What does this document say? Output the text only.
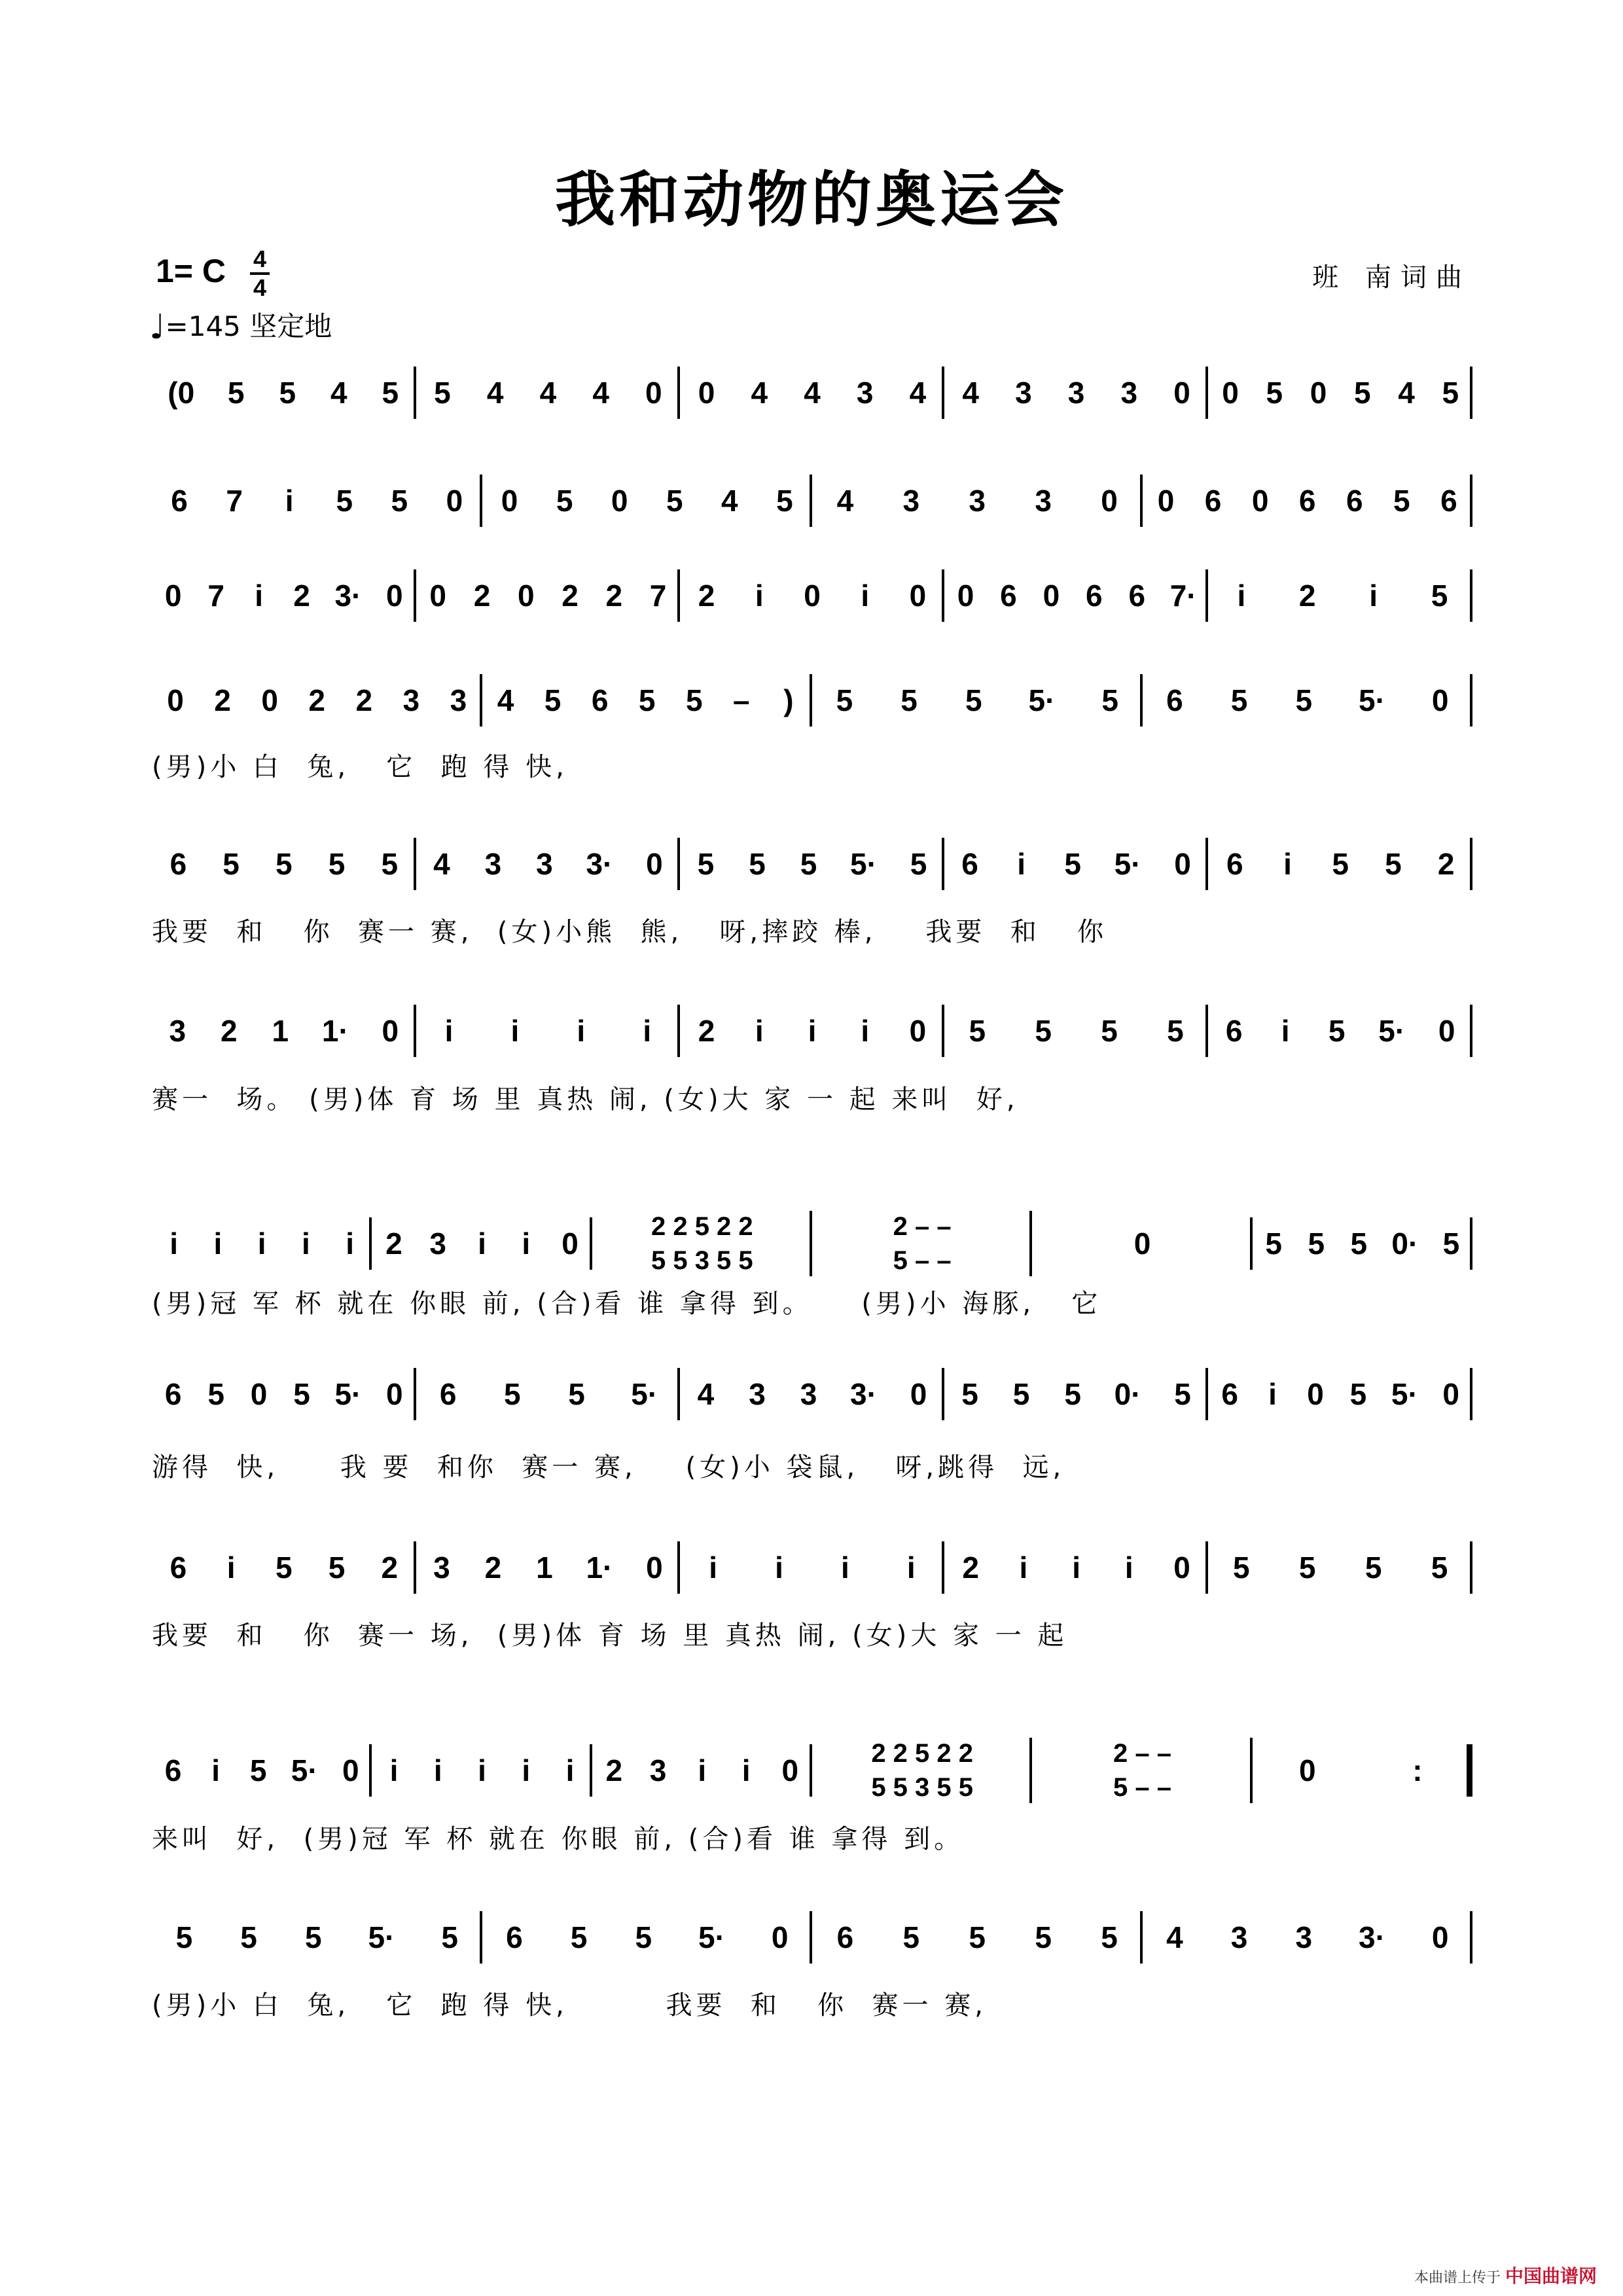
我和动物的奥运会
1= C 4
4	班 南词曲
♩=145 坚定地
(0 5 5 4 5 5 4 4 4 0 0 4 4 3 4 4 3 3 3 0 0 5 0 5 4 5
6 7 i 5 5 0 0 5 0 5 4 5 4 3 3 3 0 0 6 0 6 6 5 6
0 7 i 2 3· 0 0 2 0 2 2 7 2 i 0 i 0 0 6 0 6 6 7· i 2 i 5
0 2 0 2 2 3 3 4 5 6 5 5 – ) 5 5 5 5· 5 6 5 5 5· 0
6 5 5 5 5 4 3 3 3· 0 5 5 5 5· 5 6 i 5 5· 0 6 i 5 5 2
3 2 1 1· 0 i i i i 2 i i i 0 5 5 5 5 6 i 5 5· 0
i i i i i 2 3 i i 0	2 2 5 2 2
5 5 3 5 5
2 – –
5 – –	0	5 5 5 0· 5
6 5 0 5 5· 0 6 5 5 5· 4 3 3 3· 0 5 5 5 0· 5 6 i 0 5 5· 0
6 i 5 5 2 3 2 1 1· 0 i i i i 2 i i i 0 5 5 5 5
6 i 5 5· 0 i i i i i 2 3 i i 0	2 2 5 2 2
5 5 3 5 5
2 – –
5 – –	0	:
5 5 5 5· 5 6 5 5 5· 0 6 5 5 5 5 4 3 3 3· 0
(男)小 白  兔,   它  跑 得 快,
我要  和   你  赛一 赛,  (女)小熊  熊,   呀,摔跤 棒,    我要  和   你
赛一  场。 (男)体 育 场 里 真热 闹, (女)大 家 一 起 来叫  好,
(男)冠 军 杯 就在 你眼 前, (合)看 谁 拿得 到。    (男)小 海豚,   它
游得  快,     我 要  和你  赛一 赛,    (女)小 袋鼠,   呀,跳得  远,
我要  和   你  赛一 场,  (男)体 育 场 里 真热 闹, (女)大 家 一 起
来叫  好,  (男)冠 军 杯 就在 你眼 前, (合)看 谁 拿得 到。
(男)小 白  兔,   它  跑 得 快,        我要  和   你  赛一 赛,
本曲谱上传于 中国曲谱网
